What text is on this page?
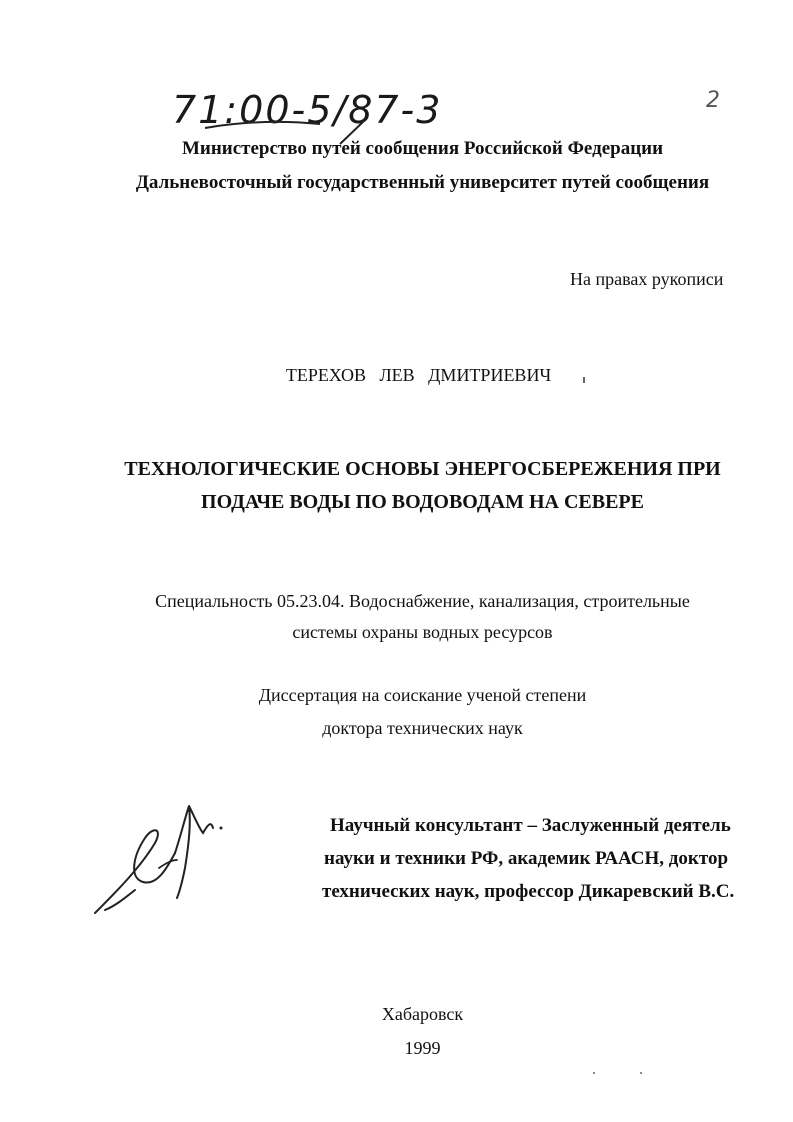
71:00-5/87-3	2
Министерство путей сообщения Российской Федерации
Дальневосточный государственный университет путей сообщения
На правах рукописи
ТЕРЕХОВ   ЛЕВ   ДМИТРИЕВИЧ
ТЕХНОЛОГИЧЕСКИЕ ОСНОВЫ ЭНЕРГОСБЕРЕЖЕНИЯ ПРИ
ПОДАЧЕ ВОДЫ ПО ВОДОВОДАМ НА СЕВЕРЕ
Специальность 05.23.04. Водоснабжение, канализация, строительные
системы охраны водных ресурсов
Диссертация на соискание ученой степени
доктора технических наук
Научный консультант – Заслуженный деятель
науки и техники РФ, академик РААСН, доктор
технических наук, профессор Дикаревский В.С.
Хабаровск
1999
